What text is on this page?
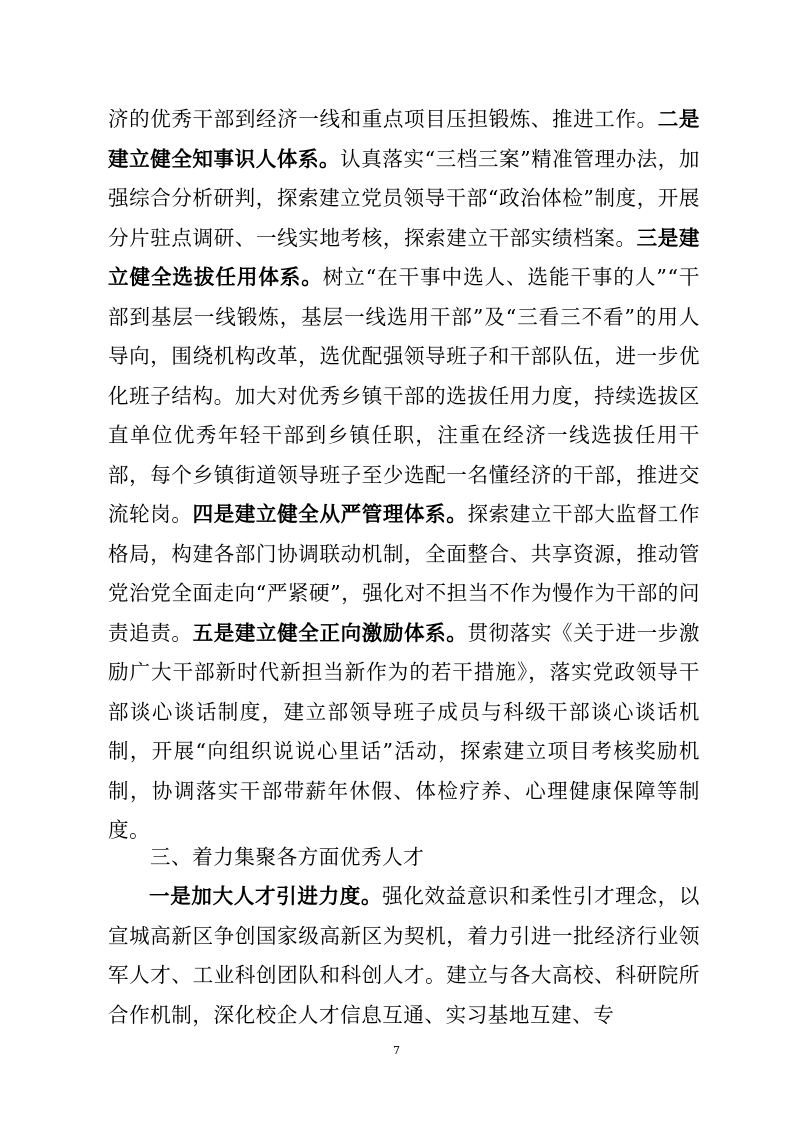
济的优秀干部到经济一线和重点项目压担锻炼、推进工作。二是建立健全知事识人体系。认真落实“三档三案”精准管理办法，加强综合分析研判，探索建立党员领导干部“政治体检”制度，开展分片驻点调研、一线实地考核，探索建立干部实绩档案。三是建立健全选拔任用体系。树立“在干事中选人、选能干事的人”“干部到基层一线锻炼，基层一线选用干部”及“三看三不看”的用人导向，围绕机构改革，选优配强领导班子和干部队伍，进一步优化班子结构。加大对优秀乡镇干部的选拔任用力度，持续选拔区直单位优秀年轻干部到乡镇任职，注重在经济一线选拔任用干部，每个乡镇街道领导班子至少选配一名懂经济的干部，推进交流轮岗。四是建立健全从严管理体系。探索建立干部大监督工作格局，构建各部门协调联动机制，全面整合、共享资源，推动管党治党全面走向“严紧硬”，强化对不担当不作为慢作为干部的问责追责。五是建立健全正向激励体系。贯彻落实《关于进一步激励广大干部新时代新担当新作为的若干措施》，落实党政领导干部谈心谈话制度，建立部领导班子成员与科级干部谈心谈话机制，开展“向组织说说心里话”活动，探索建立项目考核奖励机制，协调落实干部带薪年休假、体检疗养、心理健康保障等制度。

三、着力集聚各方面优秀人才

一是加大人才引进力度。强化效益意识和柔性引才理念，以宣城高新区争创国家级高新区为契机，着力引进一批经济行业领军人才、工业科创团队和科创人才。建立与各大高校、科研院所合作机制，深化校企人才信息互通、实习基地互建、专

7
